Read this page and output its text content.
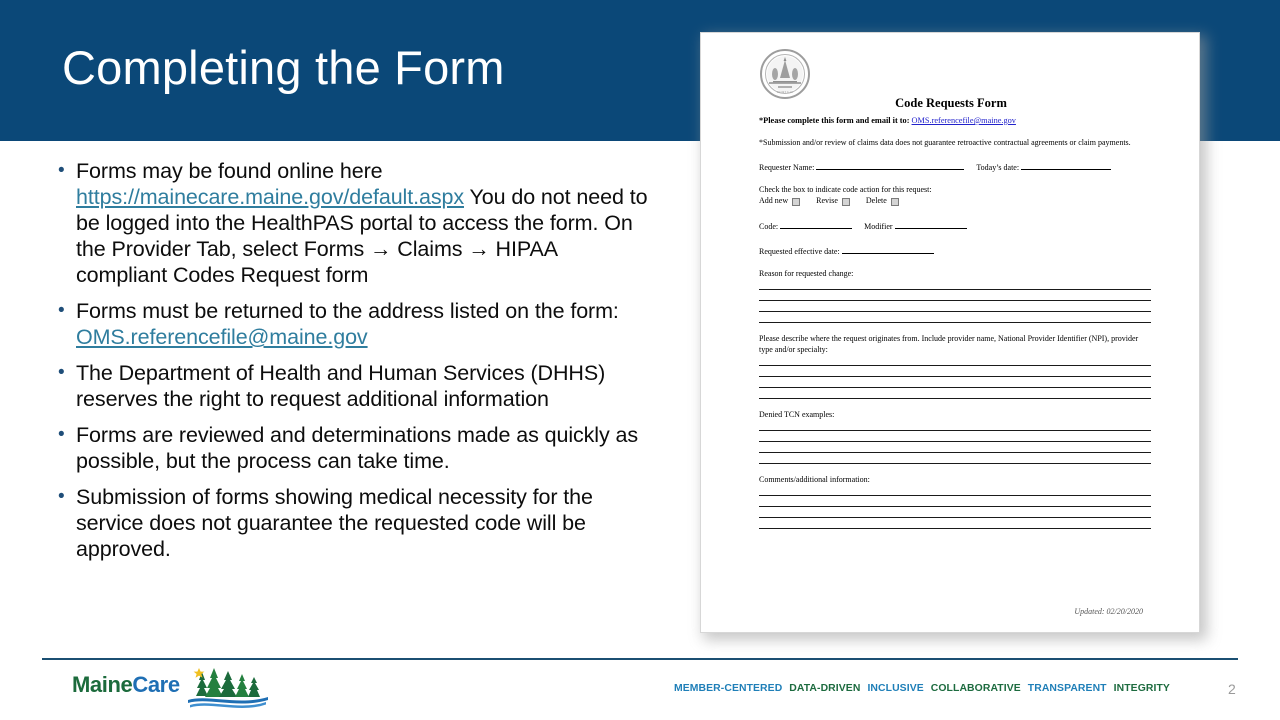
Completing the Form
• Forms may be found online here https://mainecare.maine.gov/default.aspx You do not need to be logged into the HealthPAS portal to access the form. On the Provider Tab, select Forms → Claims → HIPAA compliant Codes Request form
• Forms must be returned to the address listed on the form: OMS.referencefile@maine.gov
• The Department of Health and Human Services (DHHS) reserves the right to request additional information
• Forms are reviewed and determinations made as quickly as possible, but the process can take time.
• Submission of forms showing medical necessity for the service does not guarantee the requested code will be approved.
D I R I G O
Code Requests Form
*Please complete this form and email it to: OMS.referencefile@maine.gov
*Submission and/or review of claims data does not guarantee retroactive contractual agreements or claim payments.
Requester Name:	Today’s date:
Check the box to indicate code action for this request:
Add new	Revise	Delete
Code:	Modifier
Requested effective date:
Reason for requested change:
Please describe where the request originates from. Include provider name, National Provider Identifier (NPI), provider type and/or specialty:
Denied TCN examples:
Comments/additional information:
Updated: 02/20/2020
MaineCare	MEMBER-CENTERED DATA-DRIVEN INCLUSIVE COLLABORATIVE TRANSPARENT INTEGRITY	2
